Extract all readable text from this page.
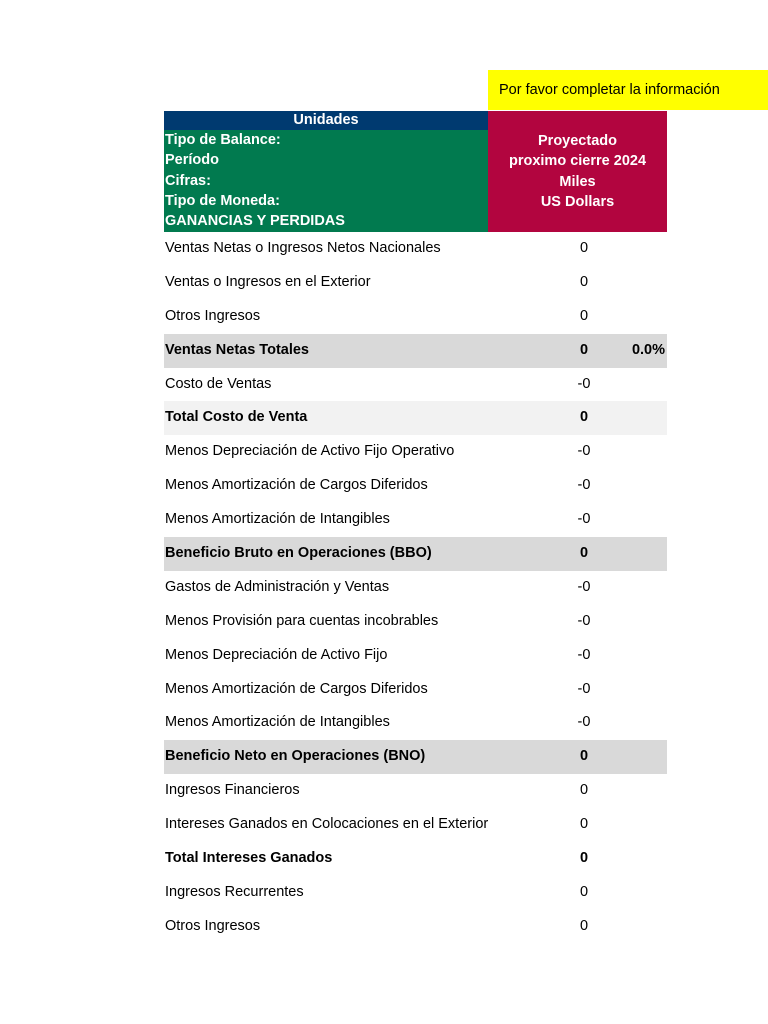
Por favor completar la información
Unidades
Tipo de Balance:
Período
Cifras:
Tipo de Moneda:
GANANCIAS Y PERDIDAS
Proyectado
proximo cierre 2024
Miles
US Dollars
Ventas Netas o Ingresos Netos Nacionales	0
Ventas o Ingresos en el Exterior	0
Otros Ingresos	0
Ventas Netas Totales	0	0.0%
Costo de Ventas	-0
Total Costo de Venta	0
Menos Depreciación de Activo Fijo Operativo	-0
Menos Amortización de Cargos Diferidos	-0
Menos Amortización de Intangibles	-0
Beneficio Bruto en Operaciones (BBO)	0
Gastos de Administración y Ventas	-0
Menos Provisión para cuentas incobrables	-0
Menos Depreciación de Activo Fijo	-0
Menos Amortización de Cargos Diferidos	-0
Menos Amortización de Intangibles	-0
Beneficio Neto en Operaciones (BNO)	0
Ingresos Financieros	0
Intereses Ganados en Colocaciones en el Exterior	0
Total Intereses Ganados	0
Ingresos Recurrentes	0
Otros Ingresos	0
